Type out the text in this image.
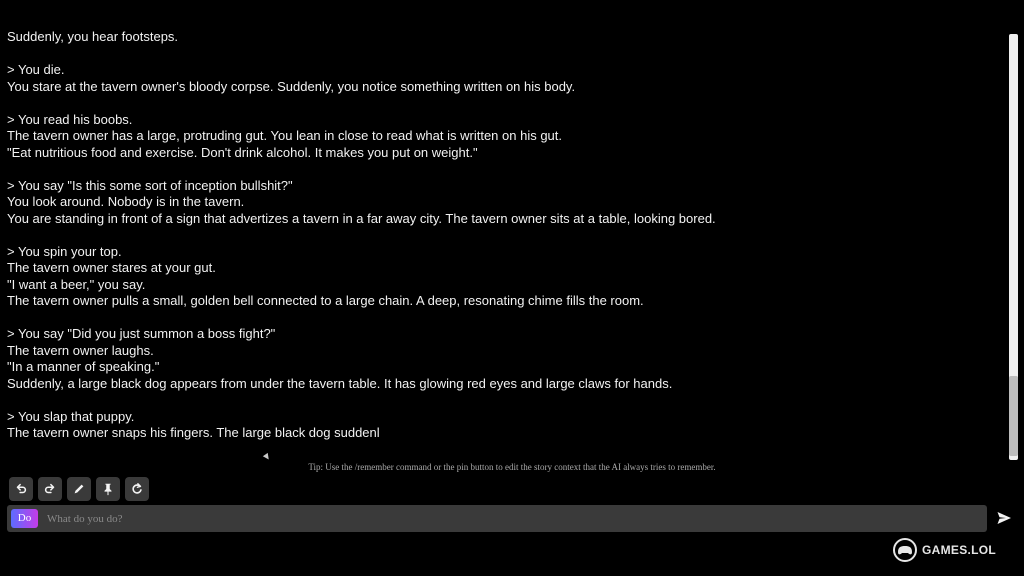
Suddenly, you hear footsteps.
> You die.
You stare at the tavern owner's bloody corpse. Suddenly, you notice something written on his body.
> You read his boobs.
The tavern owner has a large, protruding gut. You lean in close to read what is written on his gut.
"Eat nutritious food and exercise. Don't drink alcohol. It makes you put on weight."
> You say "Is this some sort of inception bullshit?"
You look around. Nobody is in the tavern.
You are standing in front of a sign that advertizes a tavern in a far away city. The tavern owner sits at a table, looking bored.
> You spin your top.
The tavern owner stares at your gut.
"I want a beer," you say.
The tavern owner pulls a small, golden bell connected to a large chain. A deep, resonating chime fills the room.
> You say "Did you just summon a boss fight?"
The tavern owner laughs.
"In a manner of speaking."
Suddenly, a large black dog appears from under the tavern table. It has glowing red eyes and large claws for hands.
> You slap that puppy.
The tavern owner snaps his fingers. The large black dog suddenl
Tip: Use the /remember command or the pin button to edit the story context that the AI always tries to remember.
Do
What do you do?
GAMES.LOL
